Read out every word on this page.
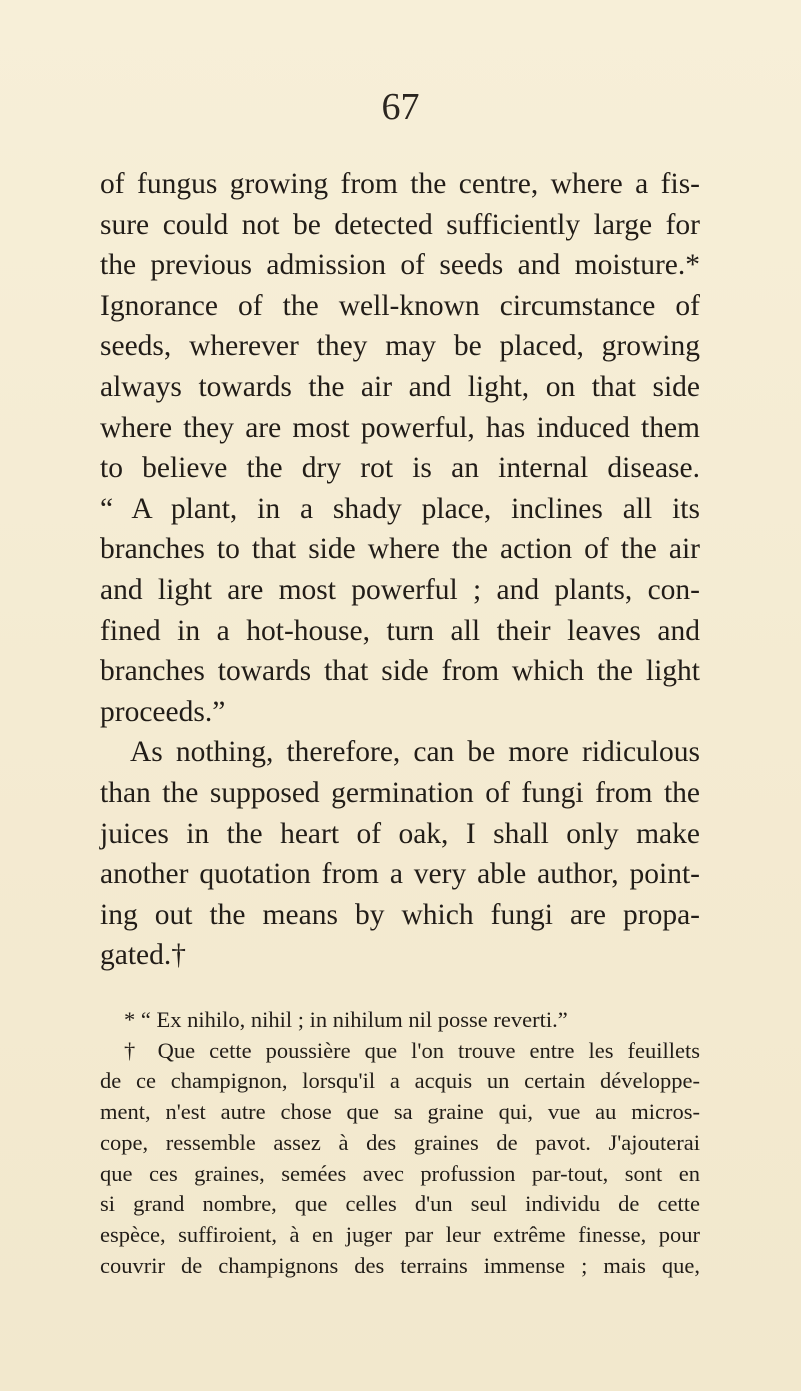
67
of fungus growing from the centre, where a fis-
sure could not be detected sufficiently large for
the previous admission of seeds and moisture.*
Ignorance of the well-known circumstance of
seeds, wherever they may be placed, growing
always towards the air and light, on that side
where they are most powerful, has induced them
to believe the dry rot is an internal disease.
“ A plant, in a shady place, inclines all its
branches to that side where the action of the air
and light are most powerful ; and plants, con-
fined in a hot-house, turn all their leaves and
branches towards that side from which the light
proceeds.”
As nothing, therefore, can be more ridiculous
than the supposed germination of fungi from the
juices in the heart of oak, I shall only make
another quotation from a very able author, point-
ing out the means by which fungi are propa-
gated.†
* “ Ex nihilo, nihil ; in nihilum nil posse reverti.”
† Que cette poussière que l'on trouve entre les feuillets
de ce champignon, lorsqu'il a acquis un certain développe-
ment, n'est autre chose que sa graine qui, vue au micros-
cope, ressemble assez à des graines de pavot. J'ajouterai
que ces graines, semées avec profussion par-tout, sont en
si grand nombre, que celles d'un seul individu de cette
espèce, suffiroient, à en juger par leur extrême finesse, pour
couvrir de champignons des terrains immense ; mais que,
